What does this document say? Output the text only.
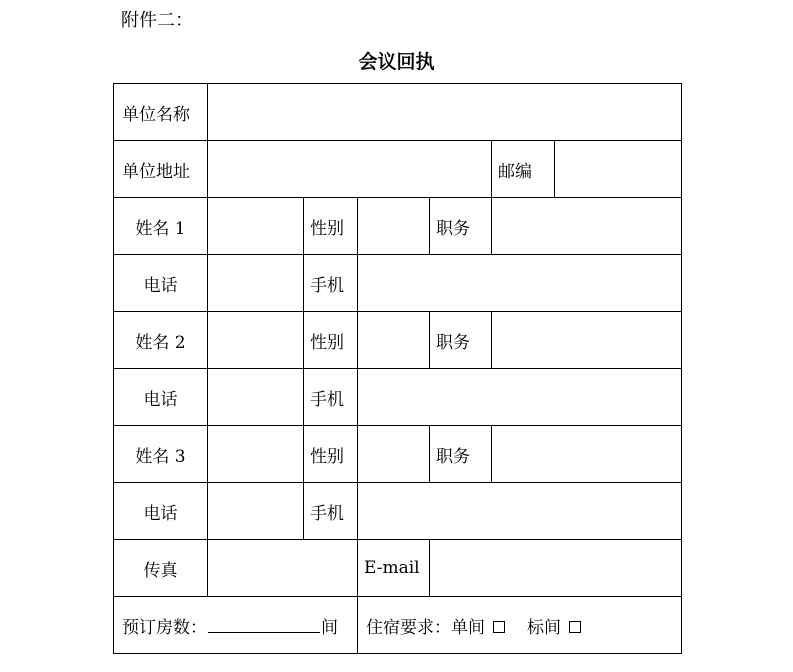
附件二：
会议回执
单位名称						
单位地址					邮编	
姓名 1		性别		职务		
电话		手机				
姓名 2		性别		职务		
电话		手机				
姓名 3		性别		职务		
电话		手机				
传真			E-mail			
预订房数： 间			住宿要求：单间 标间			
